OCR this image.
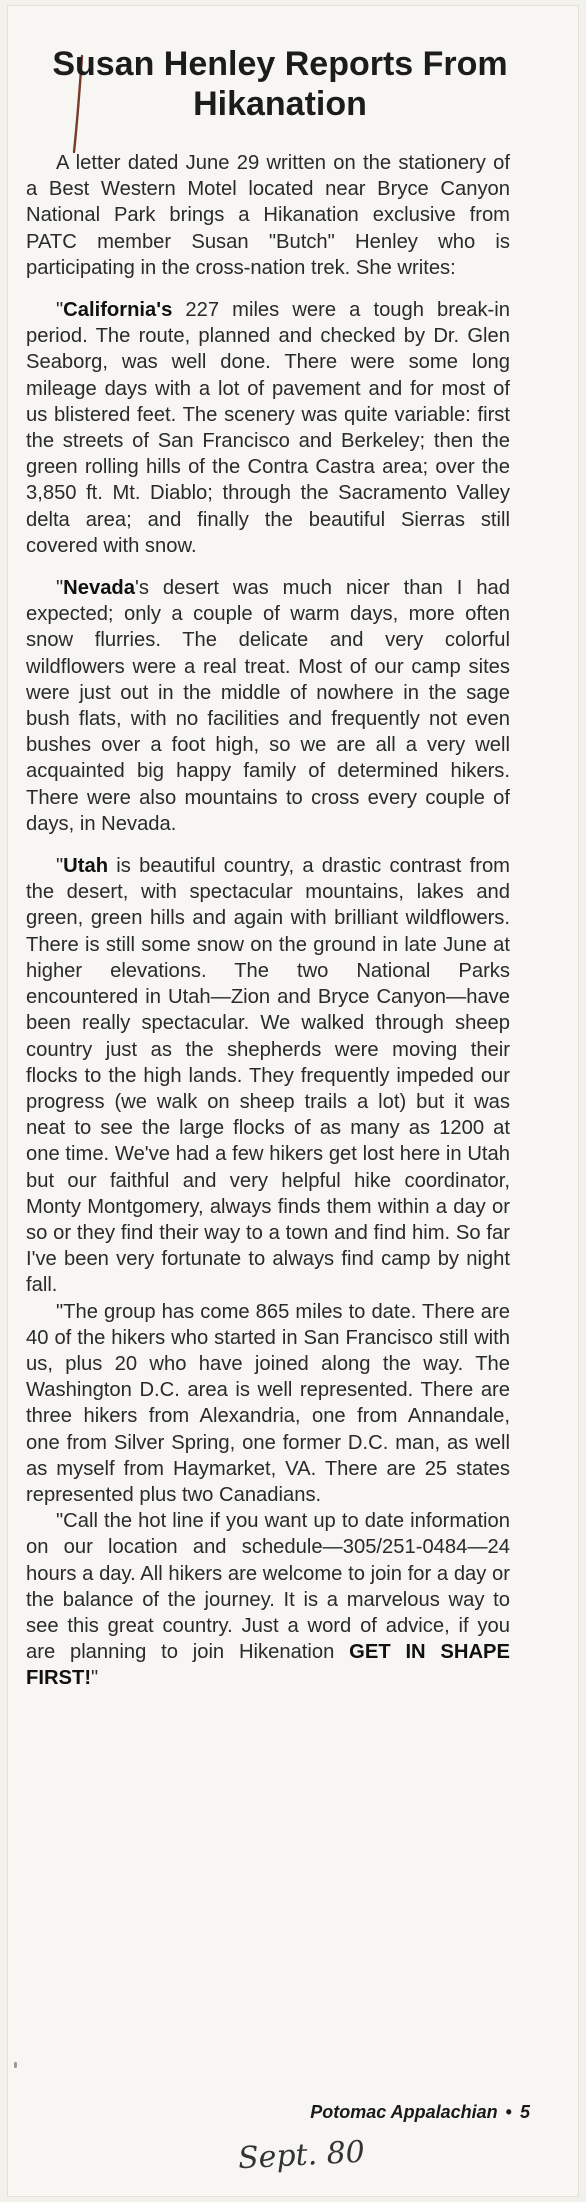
Susan Henley Reports From Hikanation

A letter dated June 29 written on the stationery of a Best Western Motel located near Bryce Canyon National Park brings a Hikanation exclusive from PATC member Susan "Butch" Henley who is participating in the cross-nation trek. She writes:

"California's 227 miles were a tough break-in period. The route, planned and checked by Dr. Glen Seaborg, was well done. There were some long mileage days with a lot of pavement and for most of us blistered feet. The scenery was quite variable: first the streets of San Francisco and Berkeley; then the green rolling hills of the Contra Castra area; over the 3,850 ft. Mt. Diablo; through the Sacramento Valley delta area; and finally the beautiful Sierras still covered with snow.

"Nevada's desert was much nicer than I had expected; only a couple of warm days, more often snow flurries. The delicate and very colorful wildflowers were a real treat. Most of our camp sites were just out in the middle of nowhere in the sage bush flats, with no facilities and frequently not even bushes over a foot high, so we are all a very well acquainted big happy family of determined hikers. There were also mountains to cross every couple of days, in Nevada.

"Utah is beautiful country, a drastic contrast from the desert, with spectacular mountains, lakes and green, green hills and again with brilliant wildflowers. There is still some snow on the ground in late June at higher elevations. The two National Parks encountered in Utah—Zion and Bryce Canyon—have been really spectacular. We walked through sheep country just as the shepherds were moving their flocks to the high lands. They frequently impeded our progress (we walk on sheep trails a lot) but it was neat to see the large flocks of as many as 1200 at one time. We've had a few hikers get lost here in Utah but our faithful and very helpful hike coordinator, Monty Montgomery, always finds them within a day or so or they find their way to a town and find him. So far I've been very fortunate to always find camp by night fall.

"The group has come 865 miles to date. There are 40 of the hikers who started in San Francisco still with us, plus 20 who have joined along the way. The Washington D.C. area is well represented. There are three hikers from Alexandria, one from Annandale, one from Silver Spring, one former D.C. man, as well as myself from Haymarket, VA. There are 25 states represented plus two Canadians.

"Call the hot line if you want up to date information on our location and schedule—305/251-0484—24 hours a day. All hikers are welcome to join for a day or the balance of the journey. It is a marvelous way to see this great country. Just a word of advice, if you are planning to join Hikenation GET IN SHAPE FIRST!"

Potomac Appalachian • 5
Sept. 80
